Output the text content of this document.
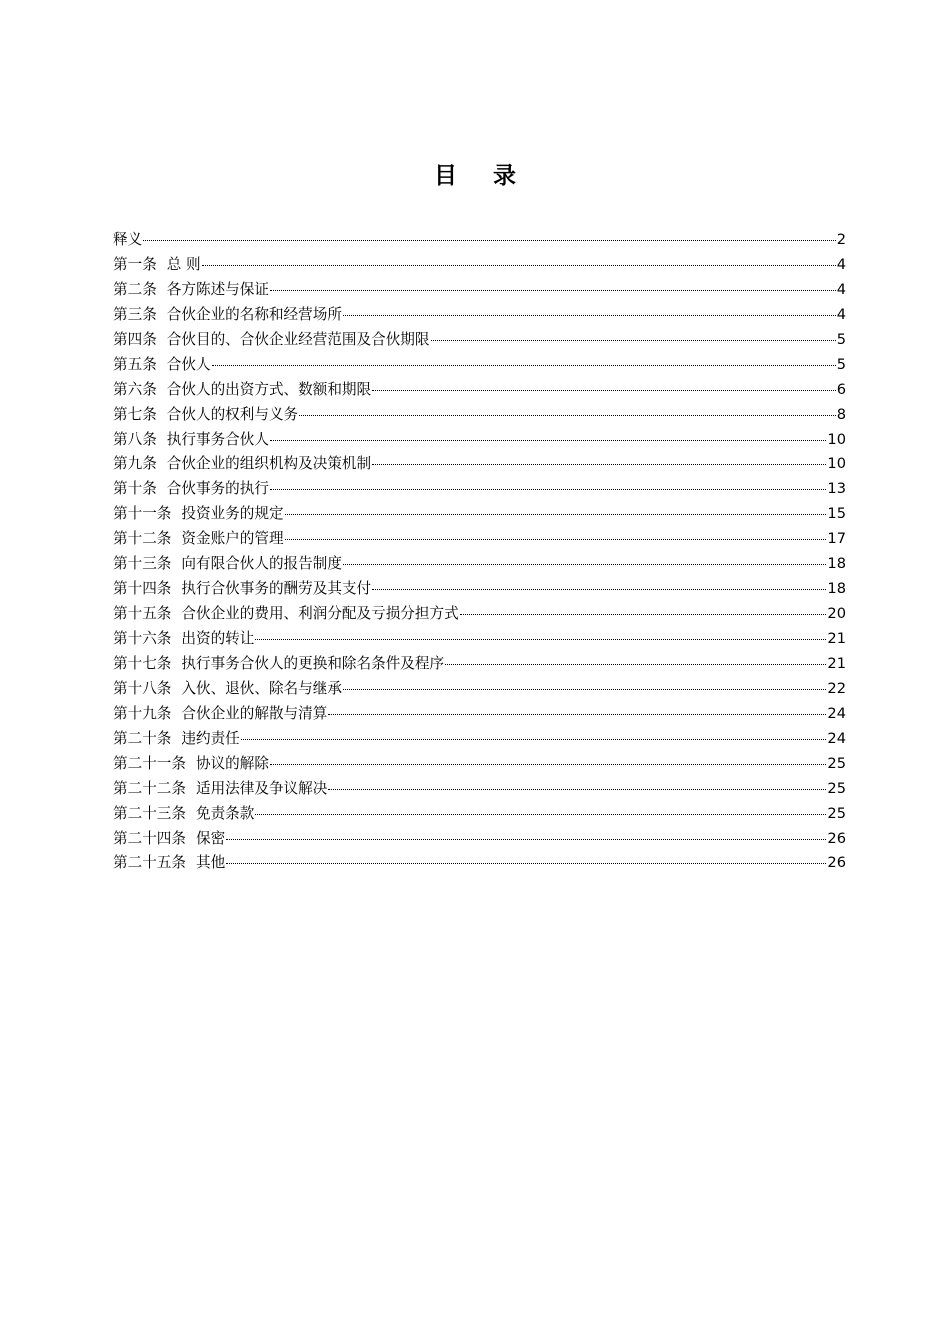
目 录
释义	2
第一条 总 则	4
第二条 各方陈述与保证	4
第三条 合伙企业的名称和经营场所	4
第四条 合伙目的、合伙企业经营范围及合伙期限	5
第五条 合伙人	5
第六条 合伙人的出资方式、数额和期限	6
第七条 合伙人的权利与义务	8
第八条 执行事务合伙人	10
第九条 合伙企业的组织机构及决策机制	10
第十条 合伙事务的执行	13
第十一条 投资业务的规定	15
第十二条 资金账户的管理	17
第十三条 向有限合伙人的报告制度	18
第十四条 执行合伙事务的酬劳及其支付	18
第十五条 合伙企业的费用、利润分配及亏损分担方式	20
第十六条 出资的转让	21
第十七条 执行事务合伙人的更换和除名条件及程序	21
第十八条 入伙、退伙、除名与继承	22
第十九条 合伙企业的解散与清算	24
第二十条 违约责任	24
第二十一条 协议的解除	25
第二十二条 适用法律及争议解决	25
第二十三条 免责条款	25
第二十四条 保密	26
第二十五条 其他	26
